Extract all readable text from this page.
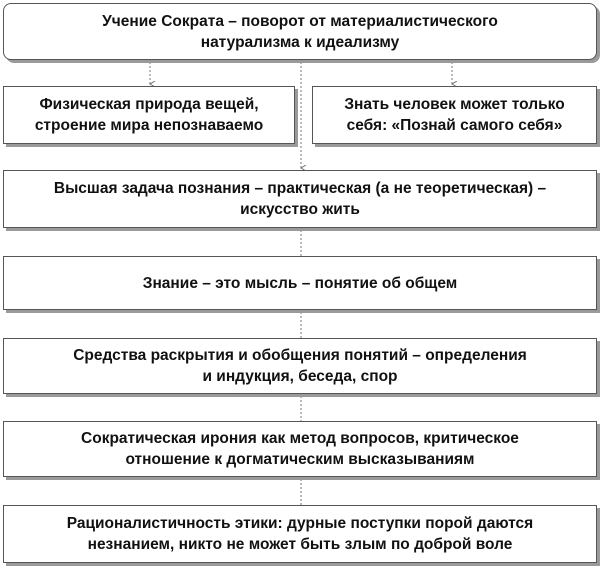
Учение Сократа – поворот от материалистического
натурализма к идеализму
Физическая природа вещей,
строение мира непознаваемо
Знать человек может только
себя: «Познай самого себя»
Высшая задача познания – практическая (а не теоретическая) –
искусство жить
Знание – это мысль – понятие об общем
Средства раскрытия и обобщения понятий – определения
и индукция, беседа, спор
Сократическая ирония как метод вопросов, критическое
отношение к догматическим высказываниям
Рационалистичность этики: дурные поступки порой даются
незнанием, никто не может быть злым по доброй воле
